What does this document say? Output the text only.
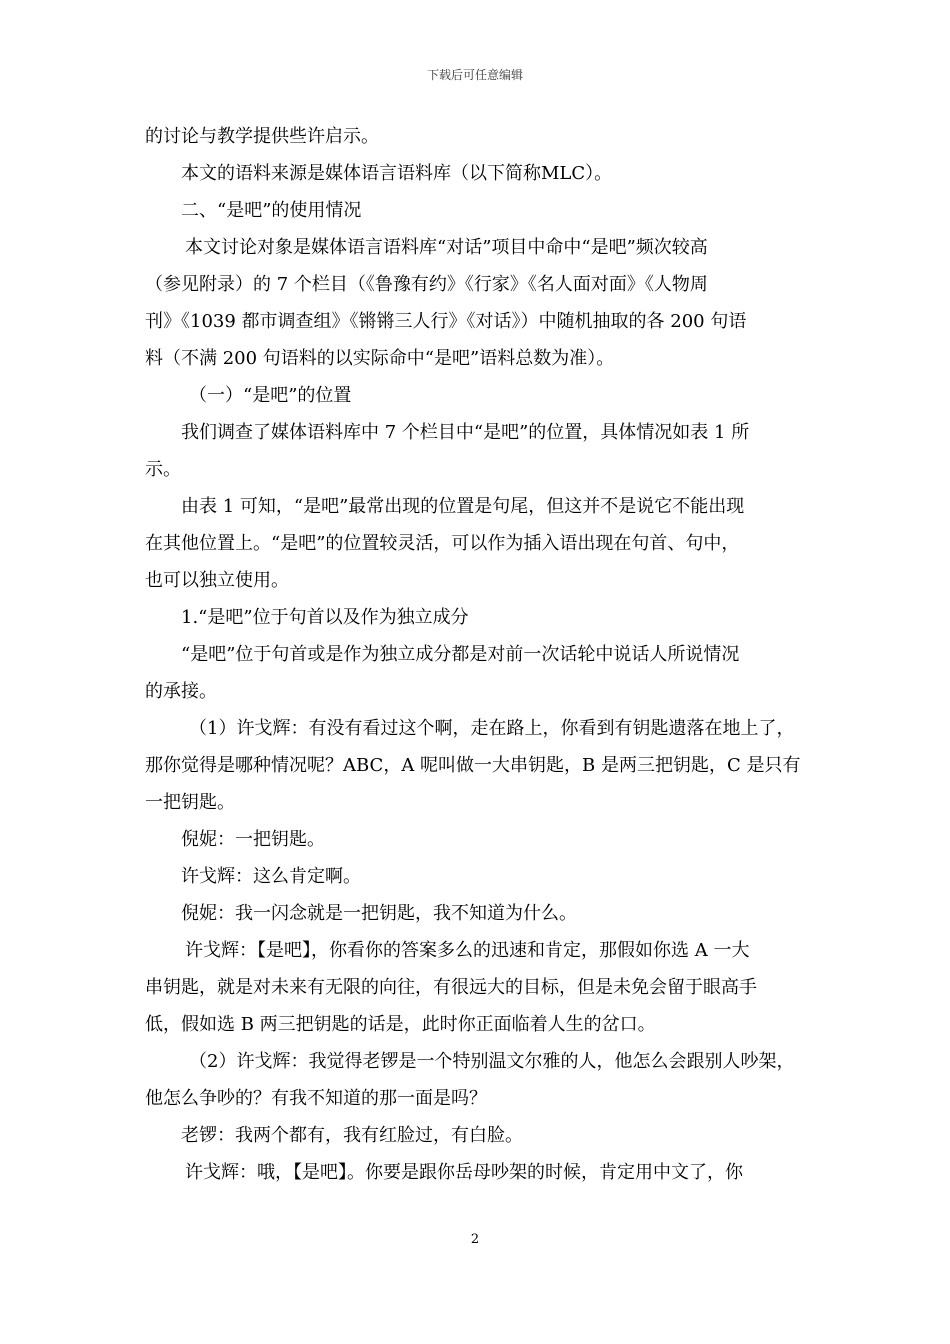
下载后可任意编辑

的讨论与教学提供些许启示。

本文的语料来源是媒体语言语料库（以下简称MLC）。

二、“是吧”的使用情况

本文讨论对象是媒体语言语料库“对话”项目中命中“是吧”频次较高

（参见附录）的 7 个栏目（《鲁豫有约》《行家》《名人面对面》《人物周

刊》《1039 都市调查组》《锵锵三人行》《对话》）中随机抽取的各 200 句语

料（不满 200 句语料的以实际命中“是吧”语料总数为准）。

（一）“是吧”的位置

我们调查了媒体语料库中 7 个栏目中“是吧”的位置，具体情况如表 1 所

示。

由表 1 可知，“是吧”最常出现的位置是句尾，但这并不是说它不能出现

在其他位置上。“是吧”的位置较灵活，可以作为插入语出现在句首、句中，

也可以独立使用。

1.“是吧”位于句首以及作为独立成分

“是吧”位于句首或是作为独立成分都是对前一次话轮中说话人所说情况

的承接。

（1）许戈辉：有没有看过这个啊，走在路上，你看到有钥匙遗落在地上了，

那你觉得是哪种情况呢？ABC，A 呢叫做一大串钥匙，B 是两三把钥匙，C 是只有

一把钥匙。

倪妮：一把钥匙。

许戈辉：这么肯定啊。

倪妮：我一闪念就是一把钥匙，我不知道为什么。

许戈辉：【是吧】，你看你的答案多么的迅速和肯定，那假如你选 A 一大

串钥匙，就是对未来有无限的向往，有很远大的目标，但是未免会留于眼高手

低，假如选 B 两三把钥匙的话是，此时你正面临着人生的岔口。

（2）许戈辉：我觉得老锣是一个特别温文尔雅的人，他怎么会跟别人吵架，

他怎么争吵的？有我不知道的那一面是吗？

老锣：我两个都有，我有红脸过，有白脸。

许戈辉：哦，【是吧】。你要是跟你岳母吵架的时候，肯定用中文了，你

2
